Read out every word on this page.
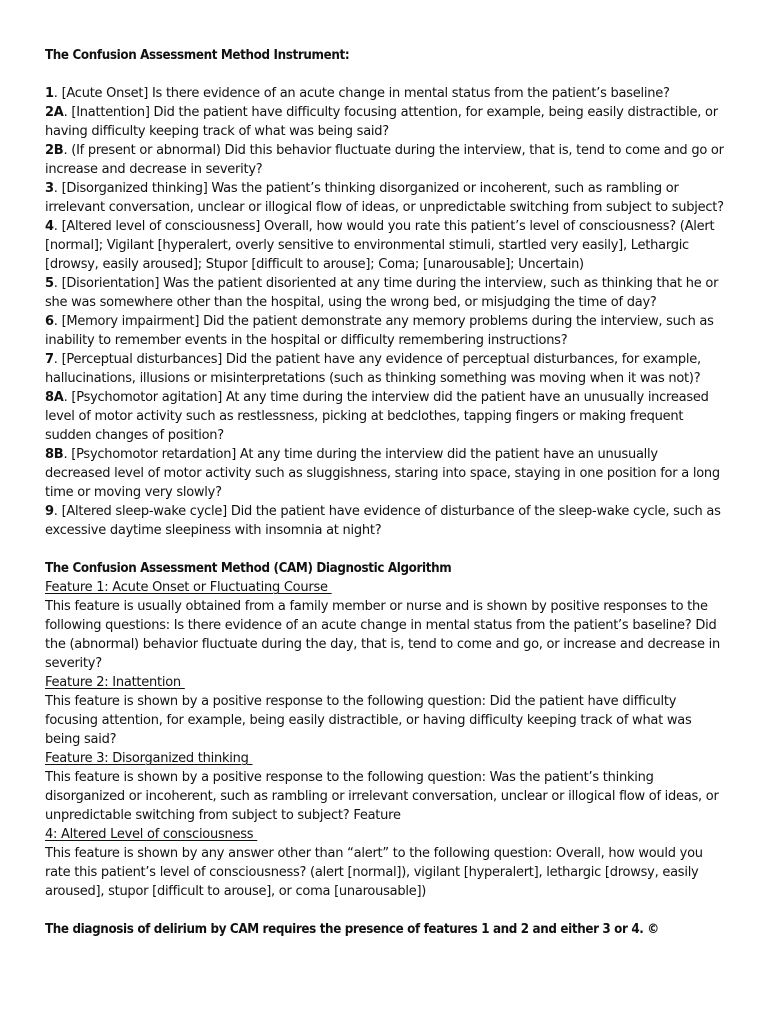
The Confusion Assessment Method Instrument:

1. [Acute Onset] Is there evidence of an acute change in mental status from the patient’s baseline?

2A. [Inattention] Did the patient have difficulty focusing attention, for example, being easily distractible, or having difficulty keeping track of what was being said?

2B. (If present or abnormal) Did this behavior fluctuate during the interview, that is, tend to come and go or increase and decrease in severity?

3. [Disorganized thinking] Was the patient’s thinking disorganized or incoherent, such as rambling or irrelevant conversation, unclear or illogical flow of ideas, or unpredictable switching from subject to subject?

4. [Altered level of consciousness] Overall, how would you rate this patient’s level of consciousness? (Alert [normal]; Vigilant [hyperalert, overly sensitive to environmental stimuli, startled very easily], Lethargic [drowsy, easily aroused]; Stupor [difficult to arouse]; Coma; [unarousable]; Uncertain)

5. [Disorientation] Was the patient disoriented at any time during the interview, such as thinking that he or she was somewhere other than the hospital, using the wrong bed, or misjudging the time of day?

6. [Memory impairment] Did the patient demonstrate any memory problems during the interview, such as inability to remember events in the hospital or difficulty remembering instructions?

7. [Perceptual disturbances] Did the patient have any evidence of perceptual disturbances, for example, hallucinations, illusions or misinterpretations (such as thinking something was moving when it was not)?

8A. [Psychomotor agitation] At any time during the interview did the patient have an unusually increased level of motor activity such as restlessness, picking at bedclothes, tapping fingers or making frequent sudden changes of position?

8B. [Psychomotor retardation] At any time during the interview did the patient have an unusually decreased level of motor activity such as sluggishness, staring into space, staying in one position for a long time or moving very slowly?

9. [Altered sleep-wake cycle] Did the patient have evidence of disturbance of the sleep-wake cycle, such as excessive daytime sleepiness with insomnia at night?

The Confusion Assessment Method (CAM) Diagnostic Algorithm

Feature 1: Acute Onset or Fluctuating Course

This feature is usually obtained from a family member or nurse and is shown by positive responses to the following questions: Is there evidence of an acute change in mental status from the patient’s baseline? Did the (abnormal) behavior fluctuate during the day, that is, tend to come and go, or increase and decrease in severity?

Feature 2: Inattention

This feature is shown by a positive response to the following question: Did the patient have difficulty focusing attention, for example, being easily distractible, or having difficulty keeping track of what was being said?

Feature 3: Disorganized thinking

This feature is shown by a positive response to the following question: Was the patient’s thinking disorganized or incoherent, such as rambling or irrelevant conversation, unclear or illogical flow of ideas, or unpredictable switching from subject to subject? Feature

4: Altered Level of consciousness

This feature is shown by any answer other than “alert” to the following question: Overall, how would you rate this patient’s level of consciousness? (alert [normal]), vigilant [hyperalert], lethargic [drowsy, easily aroused], stupor [difficult to arouse], or coma [unarousable])

The diagnosis of delirium by CAM requires the presence of features 1 and 2 and either 3 or 4. ©
